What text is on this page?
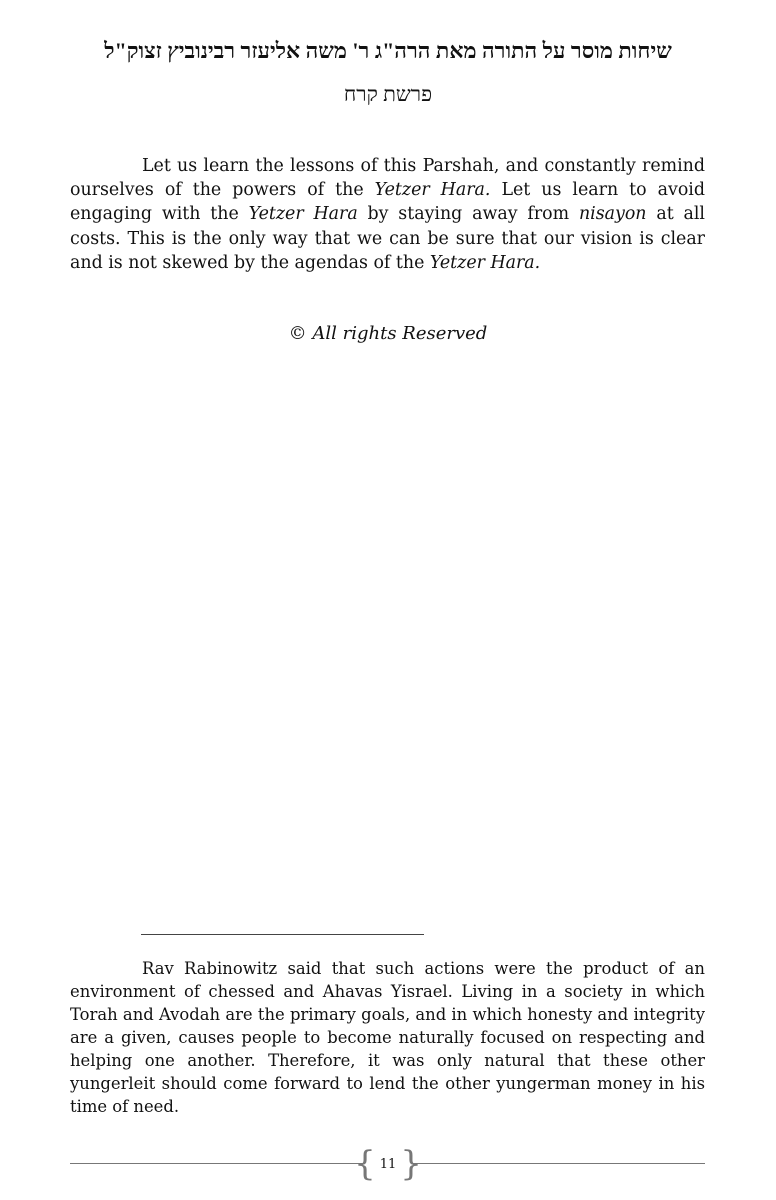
שיחות מוסר על התורה מאת הרה"ג ר' משה אליעזר רבינוביץ זצוק"ל
פרשת קרח

Let us learn the lessons of this Parshah, and constantly remind ourselves of the powers of the Yetzer Hara. Let us learn to avoid engaging with the Yetzer Hara by staying away from nisayon at all costs. This is the only way that we can be sure that our vision is clear and is not skewed by the agendas of the Yetzer Hara.

© All rights Reserved

Rav Rabinowitz said that such actions were the product of an environment of chessed and Ahavas Yisrael. Living in a society in which Torah and Avodah are the primary goals, and in which honesty and integrity are a given, causes people to become naturally focused on respecting and helping one another. Therefore, it was only natural that these other yungerleit should come forward to lend the other yungerman money in his time of need.

{ 11 }
